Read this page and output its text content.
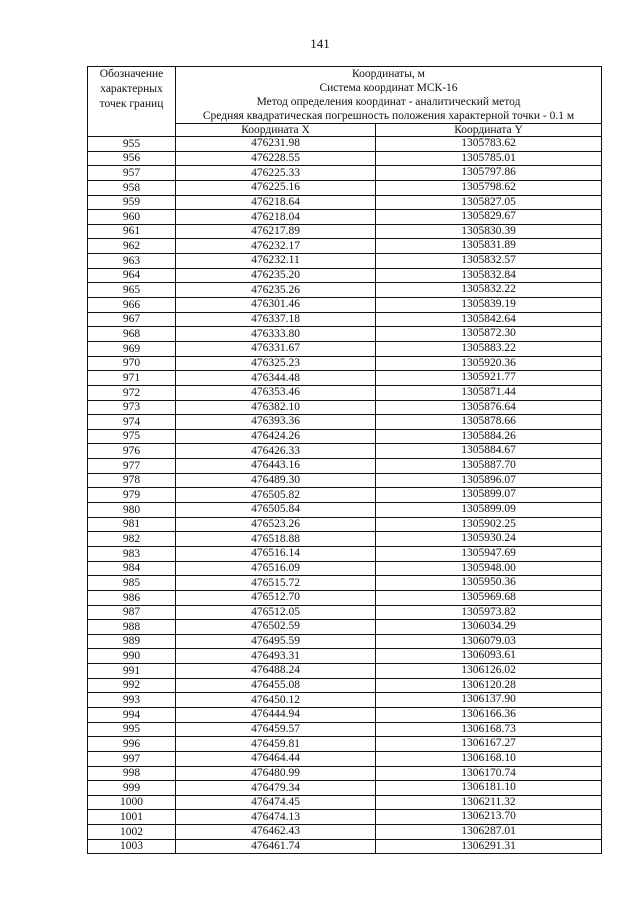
141
Обозначение характерных точек границ	Координаты, м
Система координат МСК-16
Метод определения координат - аналитический метод
Средняя квадратическая погрешность положения характерной точки - 0.1 м	

	Координата X	Координата Y
955	476231.98	1305783.62
956	476228.55	1305785.01
957	476225.33	1305797.86
958	476225.16	1305798.62
959	476218.64	1305827.05
960	476218.04	1305829.67
961	476217.89	1305830.39
962	476232.17	1305831.89
963	476232.11	1305832.57
964	476235.20	1305832.84
965	476235.26	1305832.22
966	476301.46	1305839.19
967	476337.18	1305842.64
968	476333.80	1305872.30
969	476331.67	1305883.22
970	476325.23	1305920.36
971	476344.48	1305921.77
972	476353.46	1305871.44
973	476382.10	1305876.64
974	476393.36	1305878.66
975	476424.26	1305884.26
976	476426.33	1305884.67
977	476443.16	1305887.70
978	476489.30	1305896.07
979	476505.82	1305899.07
980	476505.84	1305899.09
981	476523.26	1305902.25
982	476518.88	1305930.24
983	476516.14	1305947.69
984	476516.09	1305948.00
985	476515.72	1305950.36
986	476512.70	1305969.68
987	476512.05	1305973.82
988	476502.59	1306034.29
989	476495.59	1306079.03
990	476493.31	1306093.61
991	476488.24	1306126.02
992	476455.08	1306120.28
993	476450.12	1306137.90
994	476444.94	1306166.36
995	476459.57	1306168.73
996	476459.81	1306167.27
997	476464.44	1306168.10
998	476480.99	1306170.74
999	476479.34	1306181.10
1000	476474.45	1306211.32
1001	476474.13	1306213.70
1002	476462.43	1306287.01
1003	476461.74	1306291.31
